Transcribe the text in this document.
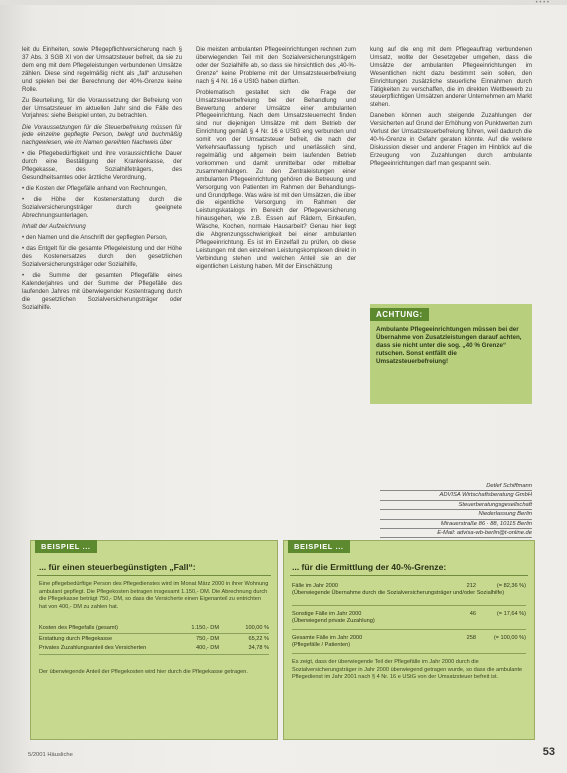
• • • •

leit du Einheiten, sowie Pflegepflichtversicherung nach § 37 Abs. 3 SGB XI von der Umsatzsteuer befreit, da sie zu dem eng mit dem Pflegeleistungen verbundenen Umsätze zählen. Diese sind regelmäßig nicht als „fall“ anzusehen und spielen bei der Berechnung der 40%-Grenze keine Rolle.

Zu Beurteilung, für die Voraussetzung der Befreiung von der Umsatzsteuer im aktuellen Jahr sind die Fälle des Vorjahres: siehe Beispiel unten, zu betrachten.

Die Voraussetzungen für die Steuerbefreiung müssen für jede einzelne gepflegte Person, belegt und buchmäßig nachgewiesen, wie im Namen gereihten Nachweis über

• die Pflegebedürftigkeit und ihre voraussichtliche Dauer durch eine Bestätigung der Krankenkasse, der Pflegekasse, des Sozialhilfeträgers, des Gesundheitsamtes oder ärztliche Verordnung,

• die Kosten der Pflegefälle anhand von Rechnungen,

• die Höhe der Kostenerstattung durch die Sozialversicherungsträger durch geeignete Abrechnungsunterlagen.

Inhalt der Aufzeichnung

• den Namen und die Anschrift der gepflegten Person,

• das Entgelt für die gesamte Pflegeleistung und der Höhe des Kostenersatzes durch den gesetzlichen Sozialversicherungsträger oder Sozialhilfe,

• die Summe der gesamten Pflegefälle eines Kalenderjahres und der Summe der Pflegefälle des laufenden Jahres mit überwiegender Kostentragung durch die gesetzlichen Sozialversicherungsträger oder Sozialhilfe.

Die meisten ambulanten Pflegeeinrichtungen rechnen zum überwiegenden Teil mit den Sozialversicherungsträgern oder der Sozialhilfe ab, so dass sie hinsichtlich des „40-%-Grenze“ keine Probleme mit der Umsatzsteuerbefreiung nach § 4 Nr. 16 e UStG haben dürften.

Problematisch gestaltet sich die Frage der Umsatzsteuerbefreiung bei der Behandlung und Bewertung anderer Umsätze einer ambulanten Pflegeeinrichtung. Nach dem Umsatzsteuerrecht finden sind nur diejenigen Umsätze mit dem Betrieb der Einrichtung gemäß § 4 Nr. 16 e UStG eng verbunden und somit von der Umsatzsteuer befreit, die nach der Verkehrsauffassung typisch und unerlässlich sind, regelmäßig und allgemein beim laufenden Betrieb vorkommen und damit unmittelbar oder mittelbar zusammenhängen. Zu den Zentraleistungen einer ambulanten Pflegeeinrichtung gehören die Betreuung und Versorgung von Patienten im Rahmen der Behandlungs- und Grundpflege. Was wäre ist mit den Umsätzen, die über die eigentliche Versorgung im Rahmen der Leistungskatalogs im Bereich der Pflegeversicherung hinausgehen, wie z.B. Essen auf Rädern, Einkaufen, Wäsche, Kochen, normale Hausarbeit? Genau hier liegt die Abgrenzungsschwierigkeit bei einer ambulanten Pflegeeinrichtung. Es ist im Einzelfall zu prüfen, ob diese Leistungen mit den einzelnen Leistungskomplexen direkt in Verbindung stehen und welchen Anteil sie an der eigentlichen Leistung haben. Mit der Einschätzung

kung auf die eng mit dem Pflegeauftrag verbundenen Umsatz, wollte der Gesetzgeber umgehen, dass die Umsätze der ambulanten Pflegeeinrichtungen im Wesentlichen nicht dazu bestimmt sein sollen, den Einrichtungen zusätzliche steuerliche Einnahmen durch Tätigkeiten zu verschaffen, die im direkten Wettbewerb zu steuerpflichtigen Umsätzen anderer Unternehmen am Markt stehen.

Daneben können auch steigende Zuzahlungen der Versicherten auf Grund der Erhöhung von Punktwerten zum Verlust der Umsatzsteuerbefreiung führen, weil dadurch die 40-%-Grenze in Gefahr geraten könnte. Auf die weitere Diskussion dieser und anderer Fragen im Hinblick auf die Erzeugung von Zuzahlungen durch ambulante Pflegeeinrichtungen darf man gespannt sein.

ACHTUNG:
Ambulante Pflegeeinrichtungen müssen bei der Übernahme von Zusatzleistungen darauf achten, dass sie nicht unter die sog. „40 % Grenze“ rutschen. Sonst entfällt die Umsatzsteuerbefreiung!
Detlef Schiffmann
ADVISA Wirtschaftsberatung GmbH
Steuerberatungsgesellschaft
Niederlassung Berlin
Mirauerstraße 86 · 88, 10115 Berlin
E-Mail: advisa-wb-berlin@t-online.de
BEISPIEL ...
... für einen steuerbegünstigten „Fall“:
Eine pflegebedürftige Person des Pflegedienstes wird im Monat März 2000 in ihrer Wohnung ambulant gepflegt. Die Pflegekosten betragen insgesamt 1.150,- DM. Die Abrechnung durch die Pflegekasse beträgt 750,- DM, so dass die Versicherte einen Eigenanteil zu entrichten hat von 400,- DM zu zahlen hat.
Kosten des Pflegefalls (gesamt)	1.150,- DM	100,00 %
Erstattung durch Pflegekasse	750,- DM	65,22 %
Privates Zuzahlungsanteil des Versicherten	400,- DM	34,78 %
Der überwiegende Anteil der Pflegekosten wird hier durch die Pflegekasse getragen.
BEISPIEL ...
... für die Ermittlung der 40-%-Grenze:
Fälle im Jahr 2000	212	(= 82,36 %)
(Überwiegende Übernahme durch die Sozialversicherungsträger und/oder Sozialhilfe)
Sonstige Fälle im Jahr 2000	46	(= 17,64 %)
(Überwiegend private Zuzahlung)
Gesamte Fälle im Jahr 2000	258	(= 100,00 %)
(Pflegefälle / Patienten)
Es zeigt, dass der überwiegende Teil der Pflegefälle im Jahr 2000 durch die Sozialversicherungsträger in Jahr 2000 überwiegend getragen wurde, so dass die ambulante Pflegedienst im Jahr 2001 nach § 4 Nr. 16 e UStG von der Umsatzsteuer befreit ist.
5/2001 Häusliche	53
